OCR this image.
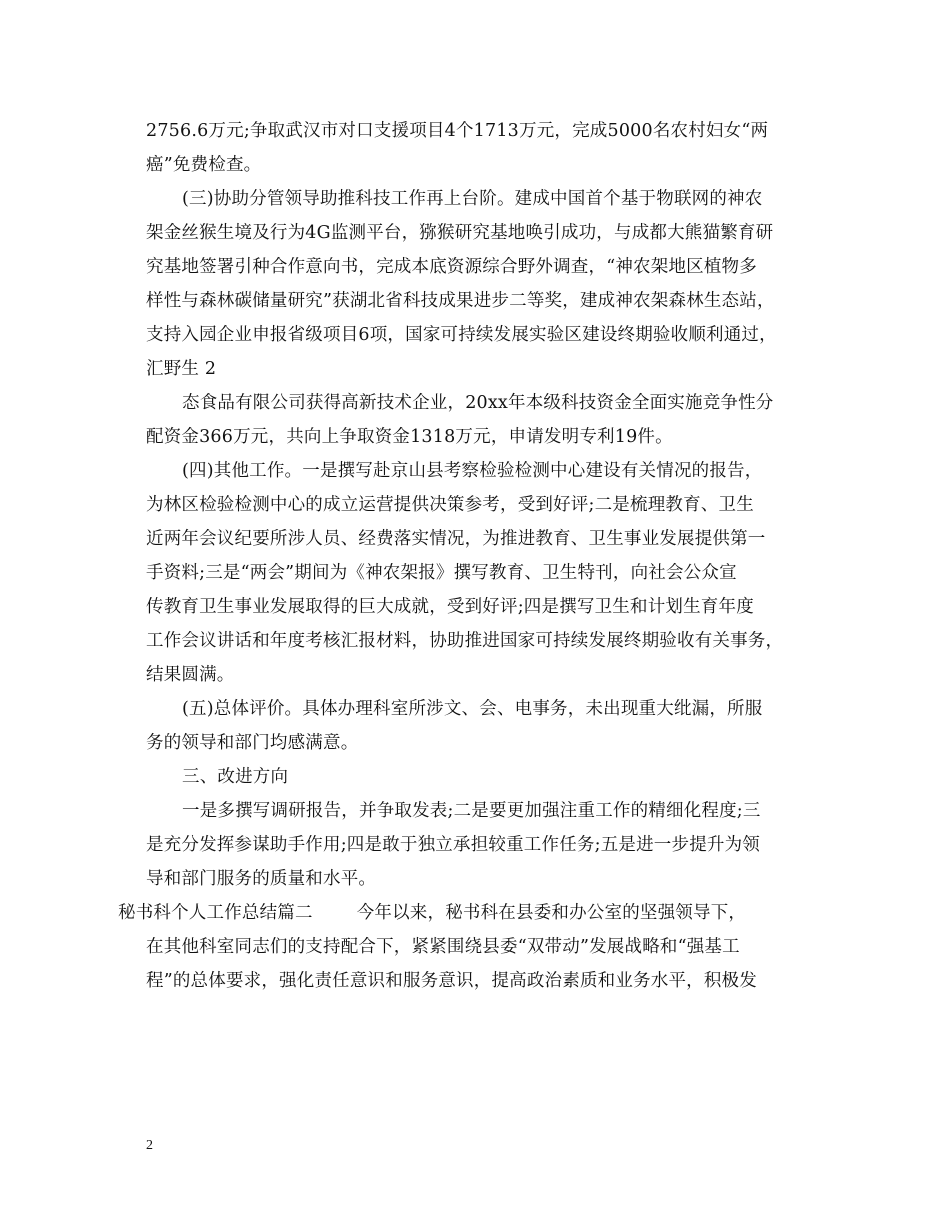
2756.6万元;争取武汉市对口支援项目4个1713万元，完成5000名农村妇女“两
癌”免费检查。
(三)协助分管领导助推科技工作再上台阶。建成中国首个基于物联网的神农
架金丝猴生境及行为4G监测平台，猕猴研究基地唤引成功，与成都大熊猫繁育研
究基地签署引种合作意向书，完成本底资源综合野外调查，“神农架地区植物多
样性与森林碳储量研究”获湖北省科技成果进步二等奖，建成神农架森林生态站，
支持入园企业申报省级项目6项，国家可持续发展实验区建设终期验收顺利通过，
汇野生 2
态食品有限公司获得高新技术企业，20xx年本级科技资金全面实施竞争性分
配资金366万元，共向上争取资金1318万元，申请发明专利19件。
(四)其他工作。一是撰写赴京山县考察检验检测中心建设有关情况的报告，
为林区检验检测中心的成立运营提供决策参考，受到好评;二是梳理教育、卫生
近两年会议纪要所涉人员、经费落实情况，为推进教育、卫生事业发展提供第一
手资料;三是“两会”期间为《神农架报》撰写教育、卫生特刊，向社会公众宣
传教育卫生事业发展取得的巨大成就，受到好评;四是撰写卫生和计划生育年度
工作会议讲话和年度考核汇报材料，协助推进国家可持续发展终期验收有关事务，
结果圆满。
(五)总体评价。具体办理科室所涉文、会、电事务，未出现重大纰漏，所服
务的领导和部门均感满意。
三、改进方向
一是多撰写调研报告，并争取发表;二是要更加强注重工作的精细化程度;三
是充分发挥参谋助手作用;四是敢于独立承担较重工作任务;五是进一步提升为领
导和部门服务的质量和水平。
秘书科个人工作总结篇二	今年以来，秘书科在县委和办公室的坚强领导下，
在其他科室同志们的支持配合下，紧紧围绕县委“双带动”发展战略和“强基工
程”的总体要求，强化责任意识和服务意识，提高政治素质和业务水平，积极发
2
